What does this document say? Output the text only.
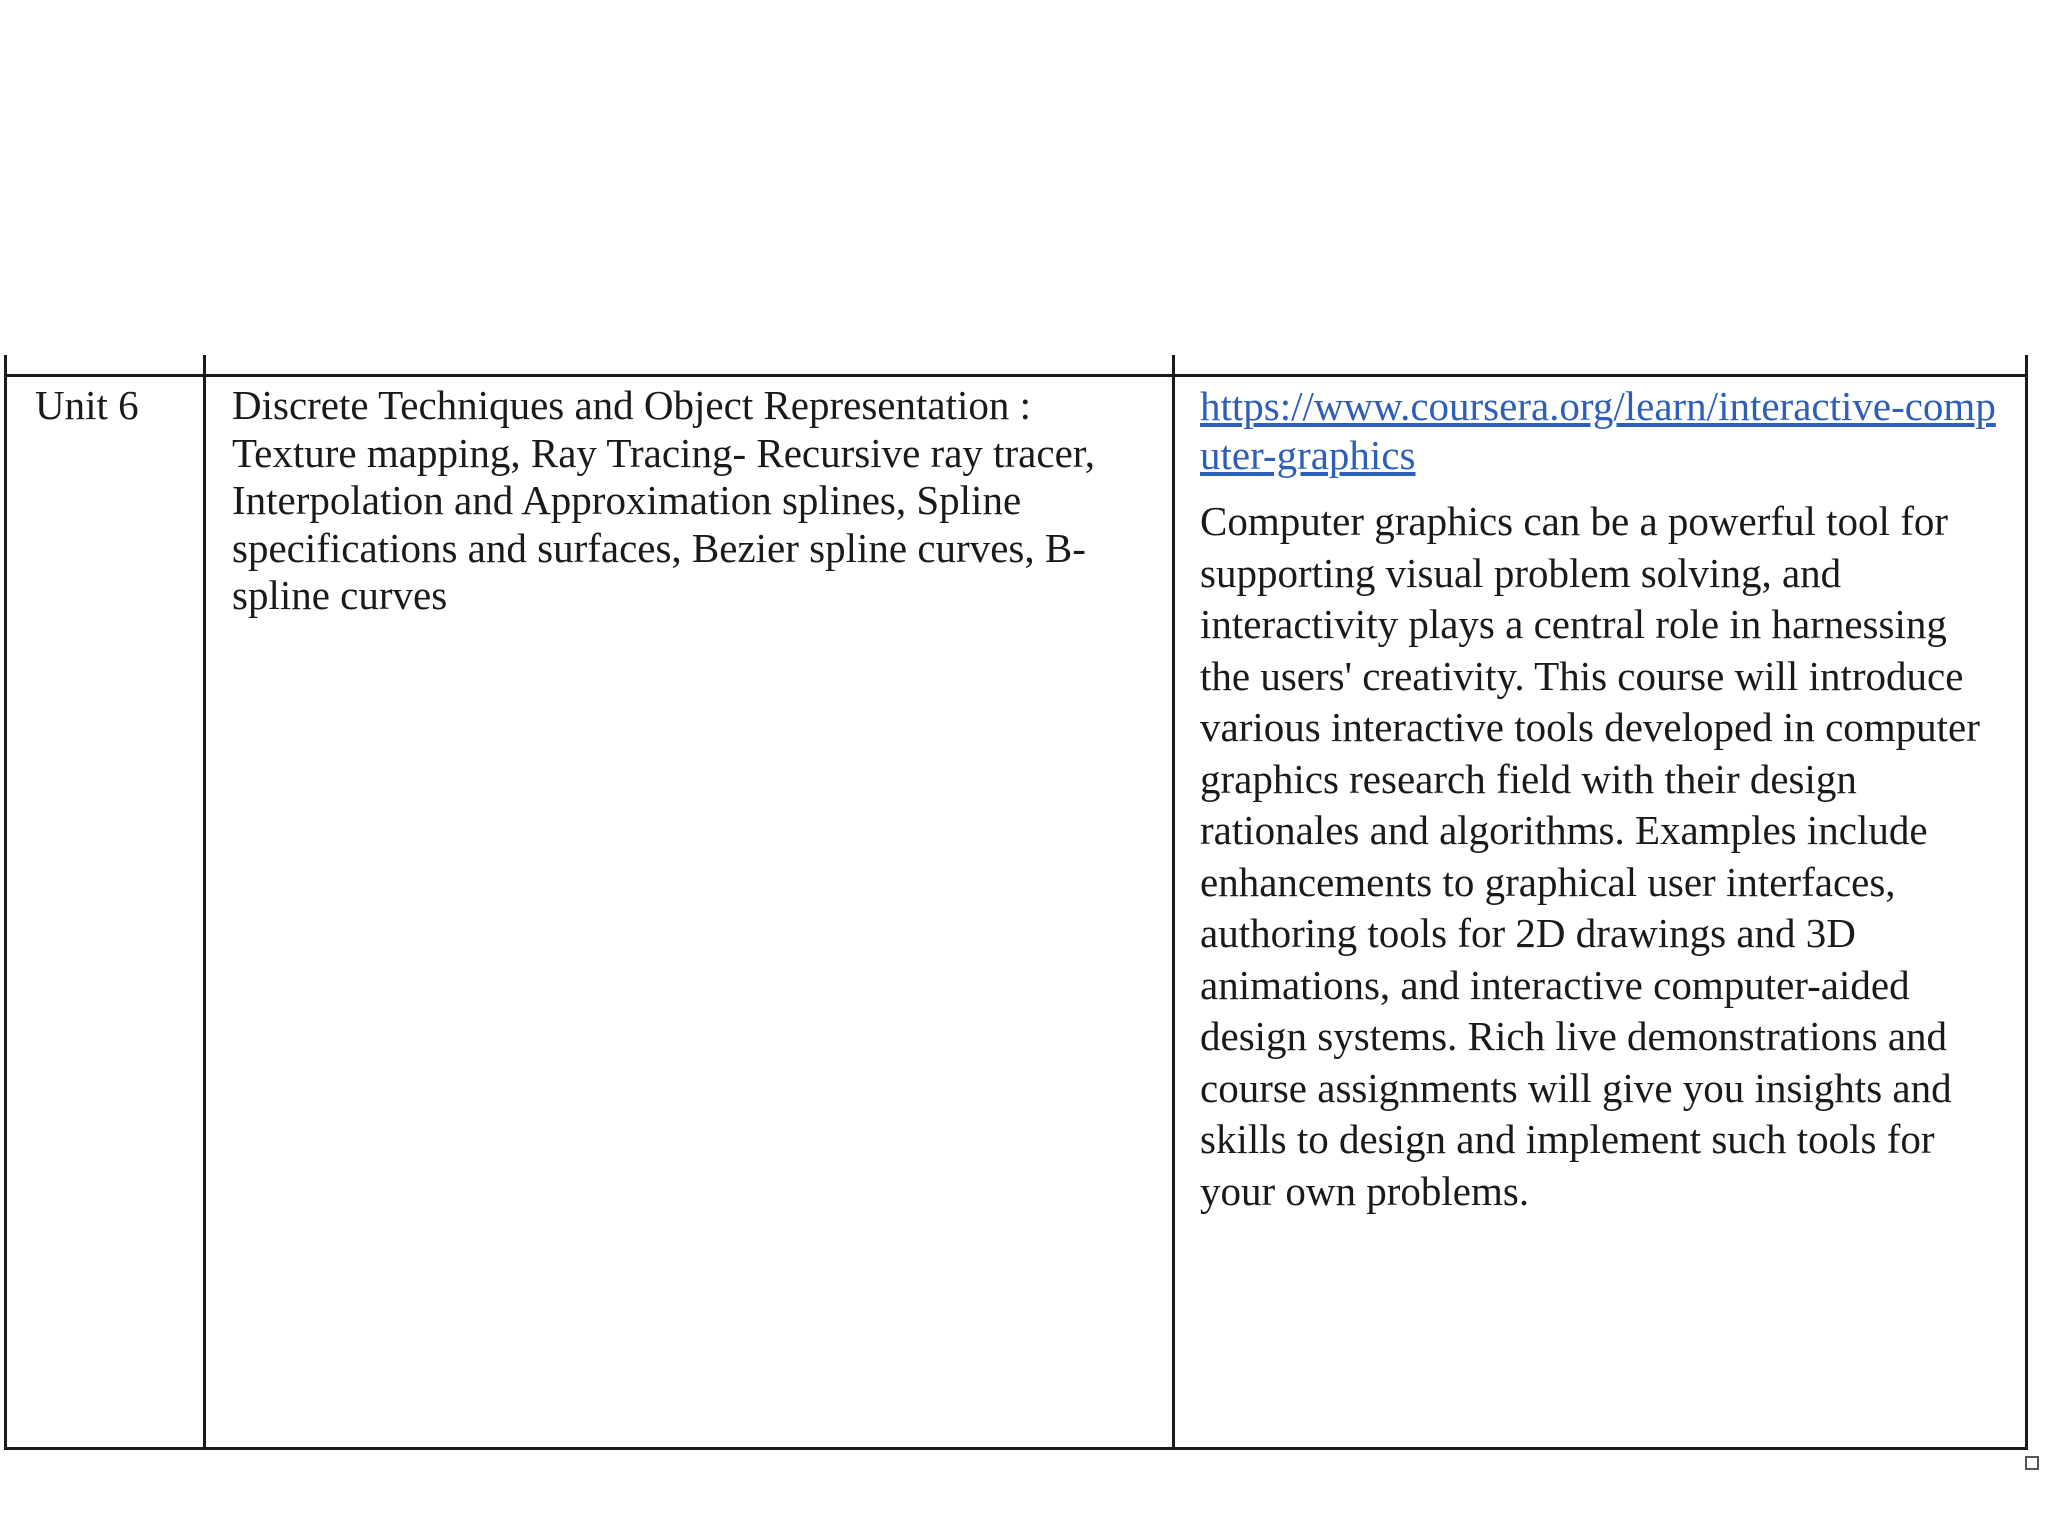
Unit 6	Discrete Techniques and Object Representation : Texture mapping, Ray Tracing- Recursive ray tracer, Interpolation and Approximation splines, Spline specifications and surfaces, Bezier spline curves, B-spline curves
https://www.coursera.org/learn/interactive-computer-graphics
Computer graphics can be a powerful tool for supporting visual problem solving, and interactivity plays a central role in harnessing the users' creativity. This course will introduce various interactive tools developed in computer graphics research field with their design rationales and algorithms. Examples include enhancements to graphical user interfaces, authoring tools for 2D drawings and 3D animations, and interactive computer-aided design systems. Rich live demonstrations and course assignments will give you insights and skills to design and implement such tools for your own problems.
